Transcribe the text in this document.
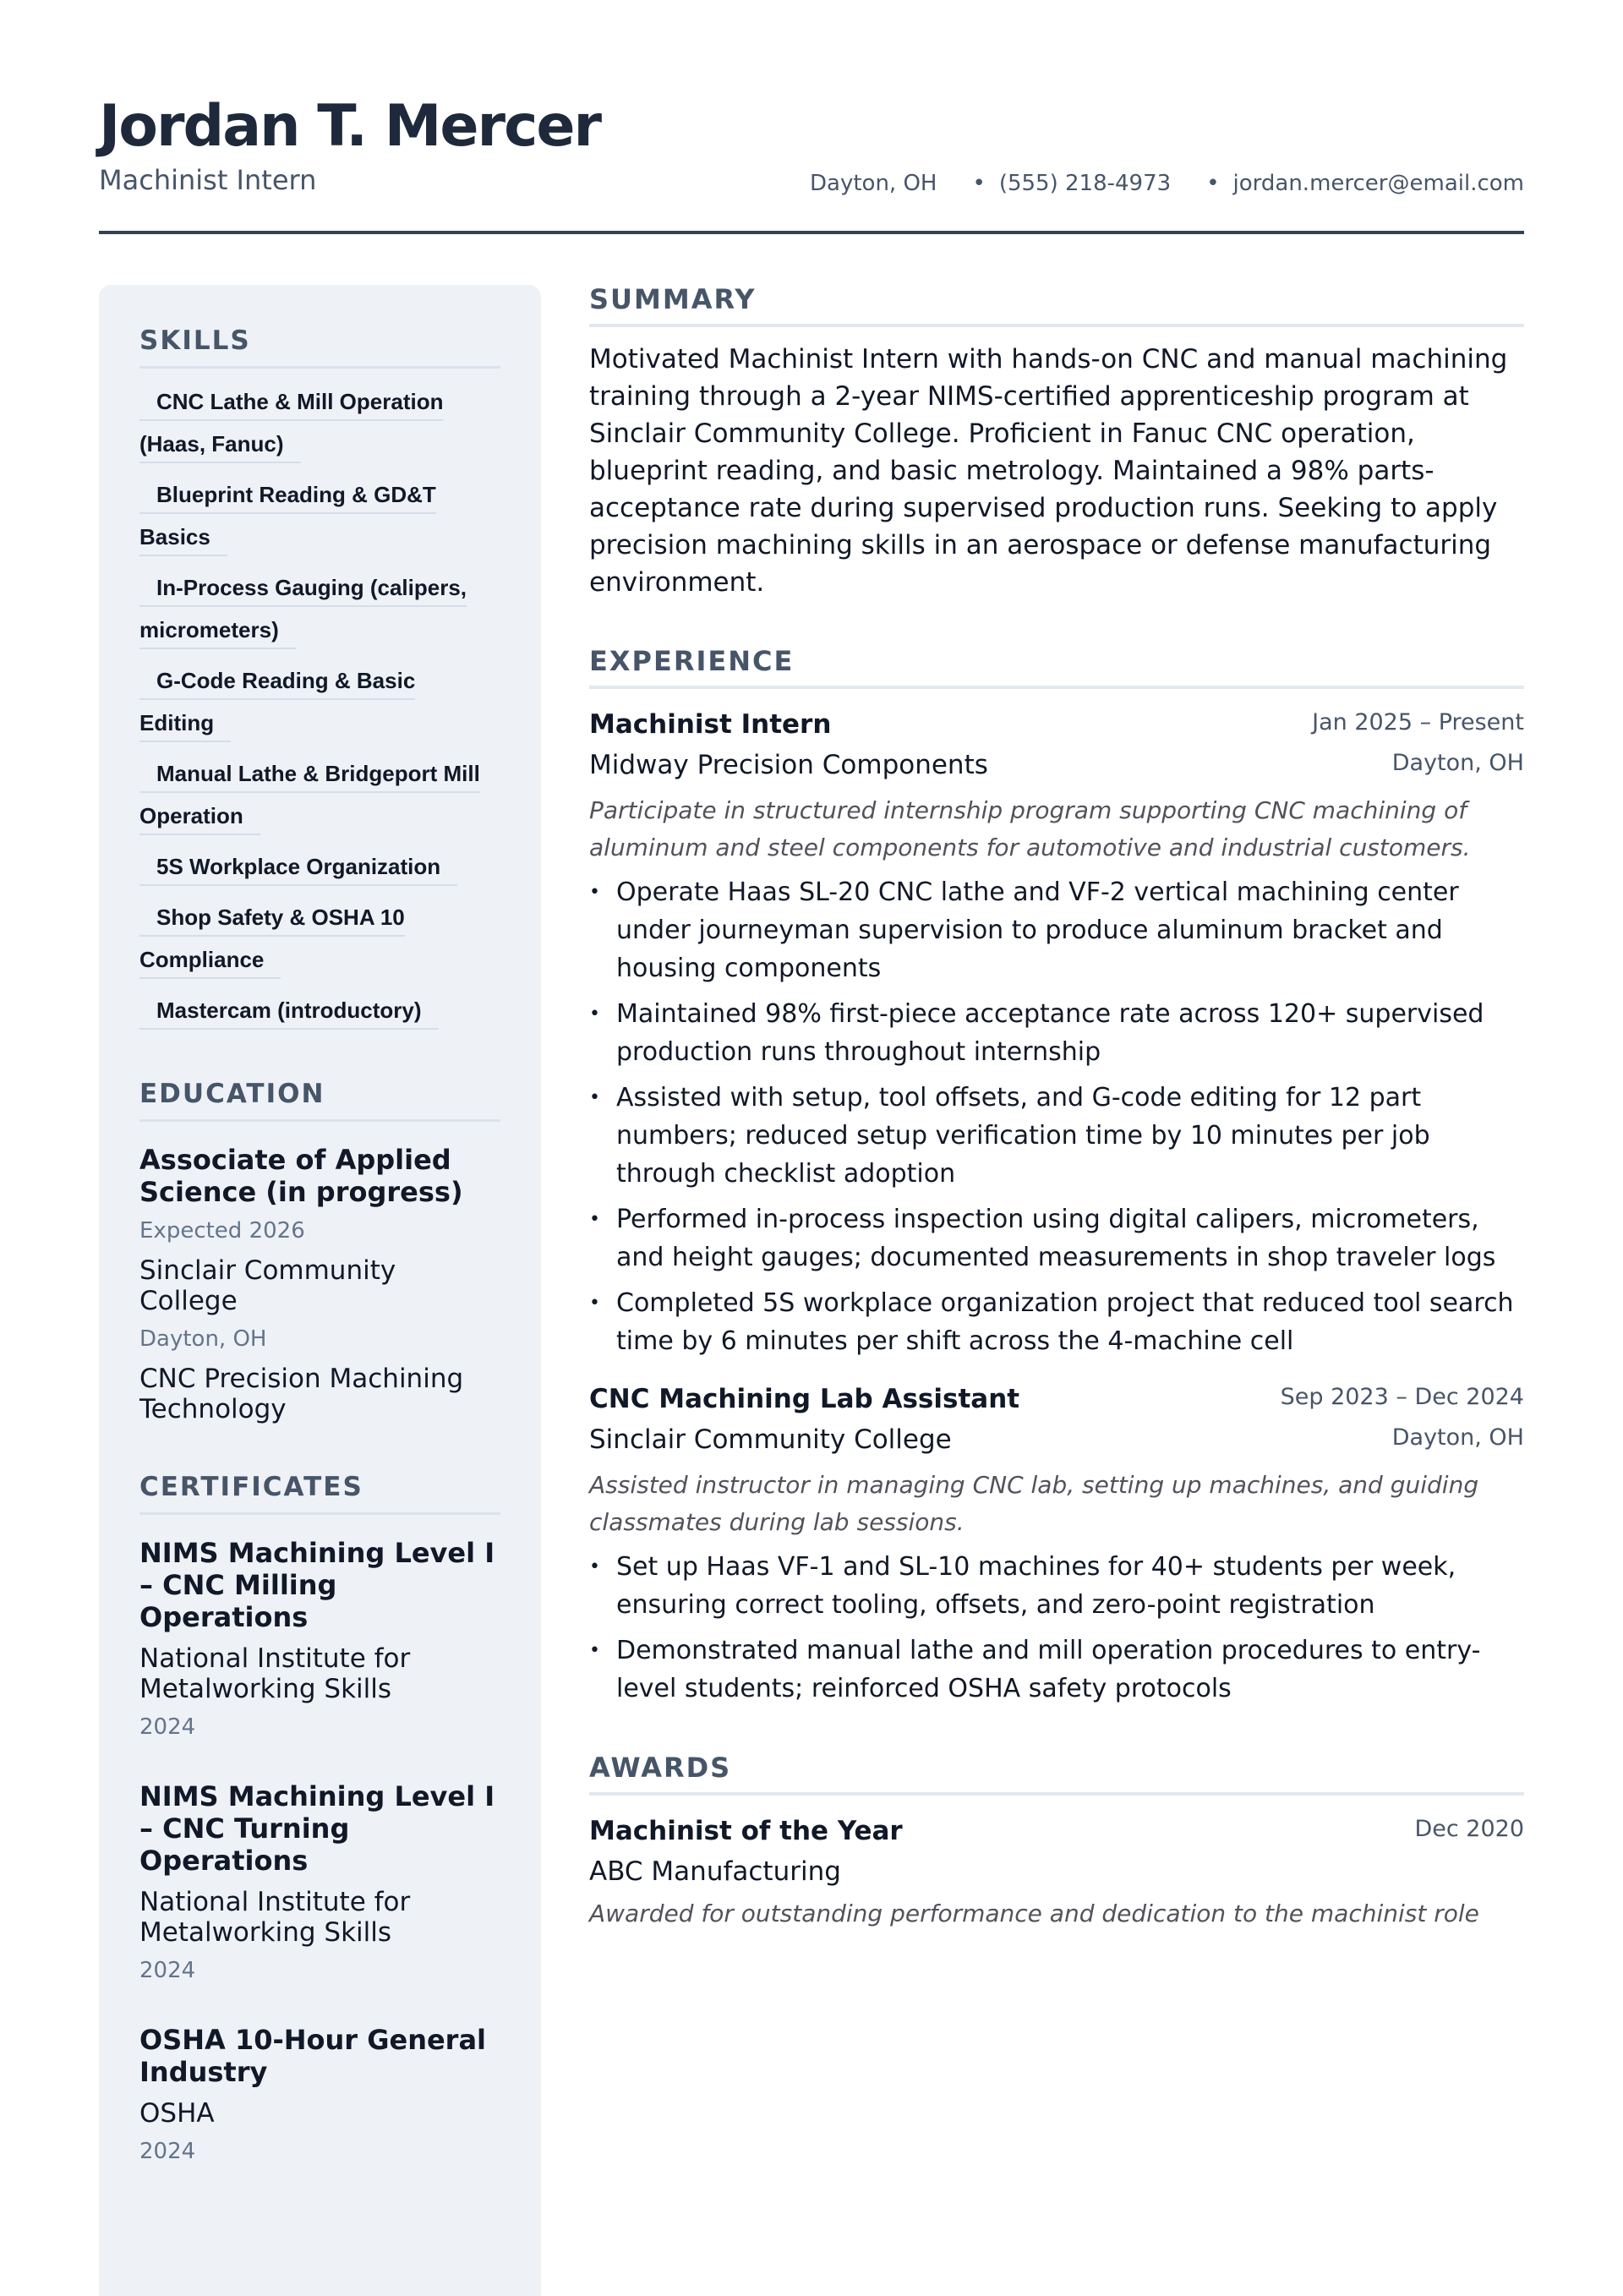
Jordan T. Mercer
Machinist Intern	Dayton, OH • (555) 218-4973 • jordan.mercer@email.com
SKILLS
CNC Lathe & Mill Operation (Haas, Fanuc)
Blueprint Reading & GD&T Basics
In-Process Gauging (calipers, micrometers)
G-Code Reading & Basic Editing
Manual Lathe & Bridgeport Mill Operation
5S Workplace Organization
Shop Safety & OSHA 10 Compliance
Mastercam (introductory)
EDUCATION
Associate of Applied Science (in progress)
Expected 2026
Sinclair Community College
Dayton, OH
CNC Precision Machining Technology
CERTIFICATES
NIMS Machining Level I – CNC Milling Operations
National Institute for Metalworking Skills
2024
NIMS Machining Level I – CNC Turning Operations
National Institute for Metalworking Skills
2024
OSHA 10-Hour General Industry
OSHA
2024
SUMMARY

Motivated Machinist Intern with hands-on CNC and manual machining training through a 2-year NIMS-certified apprenticeship program at Sinclair Community College. Proficient in Fanuc CNC operation, blueprint reading, and basic metrology. Maintained a 98% parts-acceptance rate during supervised production runs. Seeking to apply precision machining skills in an aerospace or defense manufacturing environment.

EXPERIENCE
Machinist Intern	Jan 2025 – Present
Midway Precision Components	Dayton, OH

Participate in structured internship program supporting CNC machining of aluminum and steel components for automotive and industrial customers.

• Operate Haas SL-20 CNC lathe and VF-2 vertical machining center under journeyman supervision to produce aluminum bracket and housing components
• Maintained 98% first-piece acceptance rate across 120+ supervised production runs throughout internship
• Assisted with setup, tool offsets, and G-code editing for 12 part numbers; reduced setup verification time by 10 minutes per job through checklist adoption
• Performed in-process inspection using digital calipers, micrometers, and height gauges; documented measurements in shop traveler logs
• Completed 5S workplace organization project that reduced tool search time by 6 minutes per shift across the 4-machine cell
CNC Machining Lab Assistant	Sep 2023 – Dec 2024
Sinclair Community College	Dayton, OH

Assisted instructor in managing CNC lab, setting up machines, and guiding classmates during lab sessions.

• Set up Haas VF-1 and SL-10 machines for 40+ students per week, ensuring correct tooling, offsets, and zero-point registration
• Demonstrated manual lathe and mill operation procedures to entry-level students; reinforced OSHA safety protocols
AWARDS
Machinist of the Year	Dec 2020
ABC Manufacturing

Awarded for outstanding performance and dedication to the machinist role
